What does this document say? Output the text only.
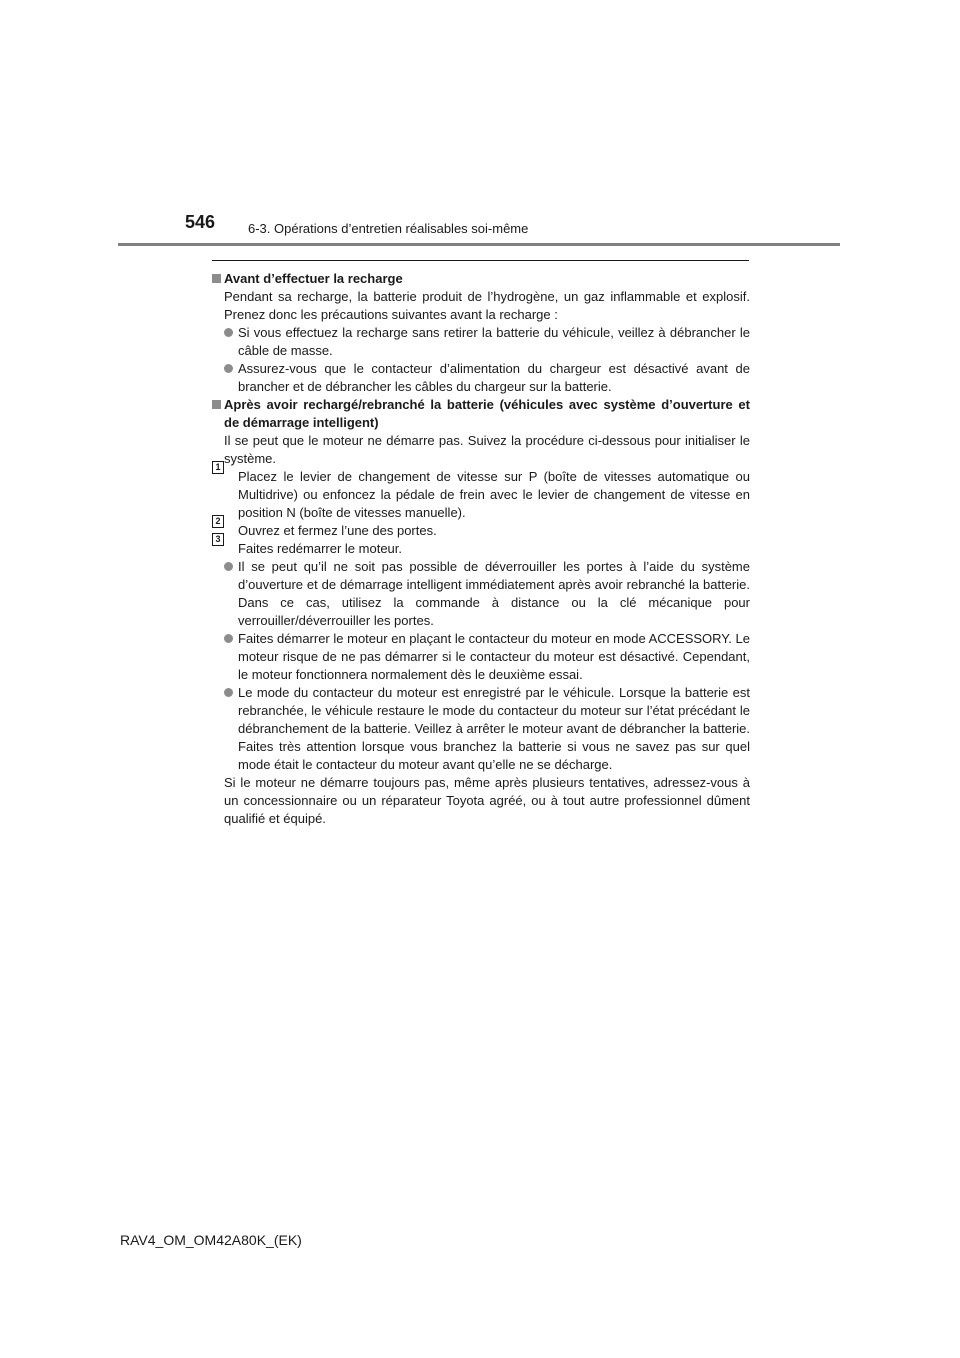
546	6-3. Opérations d’entretien réalisables soi-même

Avant d’effectuer la recharge

Pendant sa recharge, la batterie produit de l’hydrogène, un gaz inflammable et explosif. Prenez donc les précautions suivantes avant la recharge :

Si vous effectuez la recharge sans retirer la batterie du véhicule, veillez à débrancher le câble de masse.

Assurez-vous que le contacteur d’alimentation du chargeur est désactivé avant de brancher et de débrancher les câbles du chargeur sur la batterie.

Après avoir rechargé/rebranché la batterie (véhicules avec système d’ouverture et de démarrage intelligent)

Il se peut que le moteur ne démarre pas. Suivez la procédure ci-dessous pour initialiser le système.

1
Placez le levier de changement de vitesse sur P (boîte de vitesses automatique ou Multidrive) ou enfoncez la pédale de frein avec le levier de changement de vitesse en position N (boîte de vitesses manuelle).

2
Ouvrez et fermez l’une des portes.

3
Faites redémarrer le moteur.

Il se peut qu’il ne soit pas possible de déverrouiller les portes à l’aide du système d’ouverture et de démarrage intelligent immédiatement après avoir rebranché la batterie. Dans ce cas, utilisez la commande à distance ou la clé mécanique pour verrouiller/déverrouiller les portes.

Faites démarrer le moteur en plaçant le contacteur du moteur en mode ACCESSORY. Le moteur risque de ne pas démarrer si le contacteur du moteur est désactivé. Cependant, le moteur fonctionnera normalement dès le deuxième essai.

Le mode du contacteur du moteur est enregistré par le véhicule. Lorsque la batterie est rebranchée, le véhicule restaure le mode du contacteur du moteur sur l’état précédant le débranchement de la batterie. Veillez à arrêter le moteur avant de débrancher la batterie. Faites très attention lorsque vous branchez la batterie si vous ne savez pas sur quel mode était le contacteur du moteur avant qu’elle ne se décharge.

Si le moteur ne démarre toujours pas, même après plusieurs tentatives, adressez-vous à un concessionnaire ou un réparateur Toyota agréé, ou à tout autre professionnel dûment qualifié et équipé.

RAV4_OM_OM42A80K_(EK)
